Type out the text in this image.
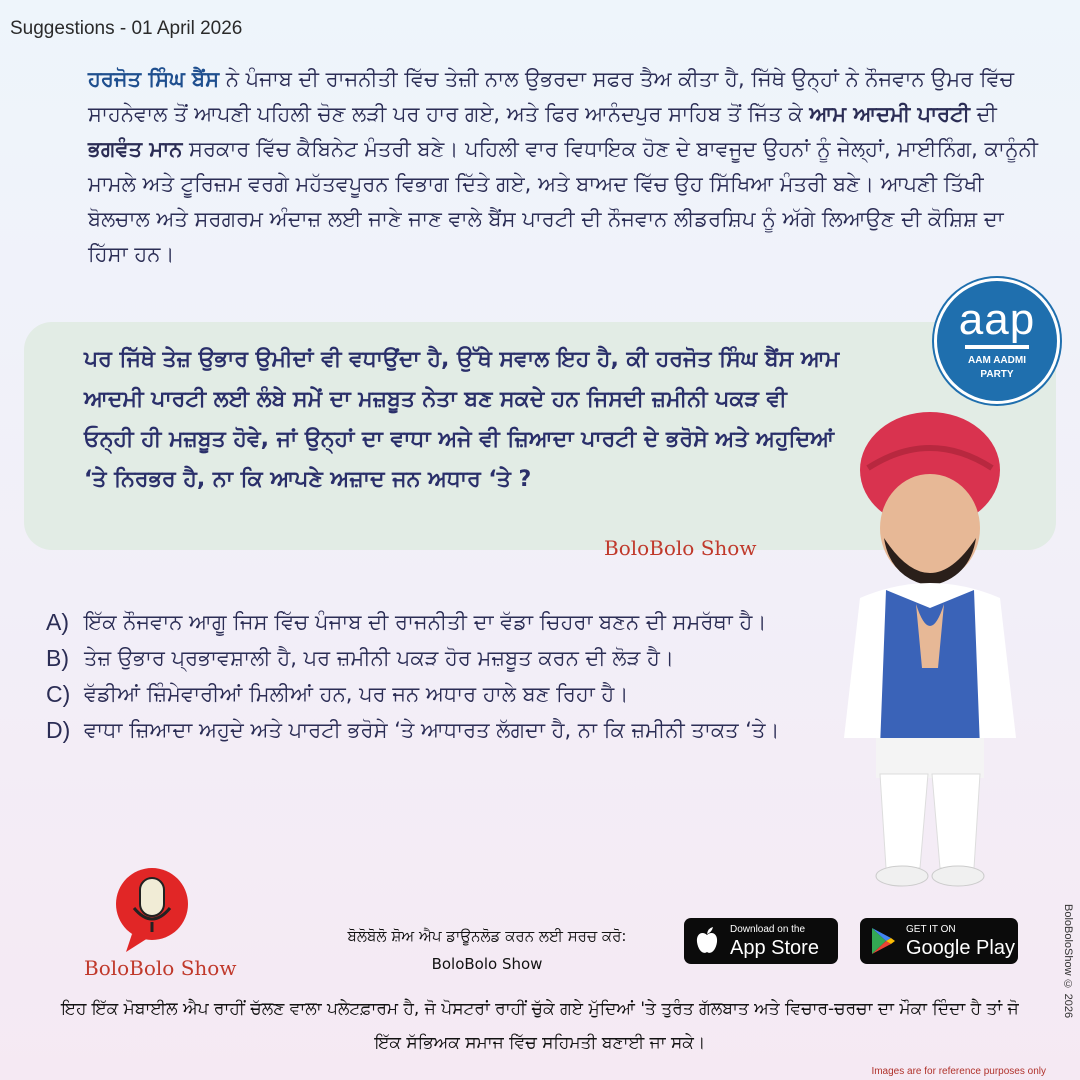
Suggestions - 01 April 2026
ਹਰਜੋਤ ਸਿੰਘ ਬੈਂਸ ਨੇ ਪੰਜਾਬ ਦੀ ਰਾਜਨੀਤੀ ਵਿੱਚ ਤੇਜ਼ੀ ਨਾਲ ਉਭਰਦਾ ਸਫਰ ਤੈਅ ਕੀਤਾ ਹੈ, ਜਿੱਥੇ ਉਨ੍ਹਾਂ ਨੇ ਨੌਜਵਾਨ ਉਮਰ ਵਿੱਚ ਸਾਹਨੇਵਾਲ ਤੋਂ ਆਪਣੀ ਪਹਿਲੀ ਚੋਣ ਲੜੀ ਪਰ ਹਾਰ ਗਏ, ਅਤੇ ਫਿਰ ਆਨੰਦਪੁਰ ਸਾਹਿਬ ਤੋਂ ਜਿੱਤ ਕੇ ਆਮ ਆਦਮੀ ਪਾਰਟੀ ਦੀ ਭਗਵੰਤ ਮਾਨ ਸਰਕਾਰ ਵਿੱਚ ਕੈਬਿਨੇਟ ਮੰਤਰੀ ਬਣੇ। ਪਹਿਲੀ ਵਾਰ ਵਿਧਾਇਕ ਹੋਣ ਦੇ ਬਾਵਜੂਦ ਉਹਨਾਂ ਨੂੰ ਜੇਲ੍ਹਾਂ, ਮਾਈਨਿੰਗ, ਕਾਨੂੰਨੀ ਮਾਮਲੇ ਅਤੇ ਟੂਰਿਜ਼ਮ ਵਰਗੇ ਮਹੱਤਵਪੂਰਨ ਵਿਭਾਗ ਦਿੱਤੇ ਗਏ, ਅਤੇ ਬਾਅਦ ਵਿੱਚ ਉਹ ਸਿੱਖਿਆ ਮੰਤਰੀ ਬਣੇ। ਆਪਣੀ ਤਿੱਖੀ ਬੋਲਚਾਲ ਅਤੇ ਸਰਗਰਮ ਅੰਦਾਜ਼ ਲਈ ਜਾਣੇ ਜਾਣ ਵਾਲੇ ਬੈਂਸ ਪਾਰਟੀ ਦੀ ਨੌਜਵਾਨ ਲੀਡਰਸ਼ਿਪ ਨੂੰ ਅੱਗੇ ਲਿਆਉਣ ਦੀ ਕੋਸ਼ਿਸ਼ ਦਾ ਹਿੱਸਾ ਹਨ।
ਪਰ ਜਿੱਥੇ ਤੇਜ਼ ਉਭਾਰ ਉਮੀਦਾਂ ਵੀ ਵਧਾਉਂਦਾ ਹੈ, ਉੱਥੇ ਸਵਾਲ ਇਹ ਹੈ, ਕੀ ਹਰਜੋਤ ਸਿੰਘ ਬੈਂਸ ਆਮ ਆਦਮੀ ਪਾਰਟੀ ਲਈ ਲੰਬੇ ਸਮੇਂ ਦਾ ਮਜ਼ਬੂਤ ਨੇਤਾ ਬਣ ਸਕਦੇ ਹਨ ਜਿਸਦੀ ਜ਼ਮੀਨੀ ਪਕੜ ਵੀ ਓਨ੍ਹੀ ਹੀ ਮਜ਼ਬੂਤ ਹੋਵੇ, ਜਾਂ ਉਨ੍ਹਾਂ ਦਾ ਵਾਧਾ ਅਜੇ ਵੀ ਜ਼ਿਆਦਾ ਪਾਰਟੀ ਦੇ ਭਰੋਸੇ ਅਤੇ ਅਹੁਦਿਆਂ ‘ਤੇ ਨਿਰਭਰ ਹੈ, ਨਾ ਕਿ ਆਪਣੇ ਅਜ਼ਾਦ ਜਨ ਅਧਾਰ ‘ਤੇ ?
BoloBolo Show
aap
AAM AADMI
PARTY
A) ਇੱਕ ਨੌਜਵਾਨ ਆਗੂ ਜਿਸ ਵਿੱਚ ਪੰਜਾਬ ਦੀ ਰਾਜਨੀਤੀ ਦਾ ਵੱਡਾ ਚਿਹਰਾ ਬਣਨ ਦੀ ਸਮਰੱਥਾ ਹੈ।
B) ਤੇਜ਼ ਉਭਾਰ ਪ੍ਰਭਾਵਸ਼ਾਲੀ ਹੈ, ਪਰ ਜ਼ਮੀਨੀ ਪਕੜ ਹੋਰ ਮਜ਼ਬੂਤ ਕਰਨ ਦੀ ਲੋੜ ਹੈ।
C) ਵੱਡੀਆਂ ਜ਼ਿੰਮੇਵਾਰੀਆਂ ਮਿਲੀਆਂ ਹਨ, ਪਰ ਜਨ ਅਧਾਰ ਹਾਲੇ ਬਣ ਰਿਹਾ ਹੈ।
D) ਵਾਧਾ ਜ਼ਿਆਦਾ ਅਹੁਦੇ ਅਤੇ ਪਾਰਟੀ ਭਰੋਸੇ ‘ਤੇ ਆਧਾਰਤ ਲੱਗਦਾ ਹੈ, ਨਾ ਕਿ ਜ਼ਮੀਨੀ ਤਾਕਤ ‘ਤੇ।
BoloBolo Show
ਬੋਲੋਬੋਲੋ ਸ਼ੋਅ ਐਪ ਡਾਊਨਲੋਡ ਕਰਨ ਲਈ ਸਰਚ ਕਰੋ:
BoloBolo Show
Download on the
App Store
GET IT ON
Google Play
ਇਹ ਇੱਕ ਮੋਬਾਈਲ ਐਪ ਰਾਹੀਂ ਚੱਲਣ ਵਾਲਾ ਪਲੇਟਫ਼ਾਰਮ ਹੈ, ਜੋ ਪੋਸਟਰਾਂ ਰਾਹੀਂ ਚੁੱਕੇ ਗਏ ਮੁੱਦਿਆਂ 'ਤੇ ਤੁਰੰਤ ਗੱਲਬਾਤ ਅਤੇ ਵਿਚਾਰ-ਚਰਚਾ ਦਾ ਮੌਕਾ ਦਿੰਦਾ ਹੈ ਤਾਂ ਜੋ ਇੱਕ ਸੱਭਿਅਕ ਸਮਾਜ ਵਿੱਚ ਸਹਿਮਤੀ ਬਣਾਈ ਜਾ ਸਕੇ।
BoloBoloShow © 2026
Images are for reference purposes only
